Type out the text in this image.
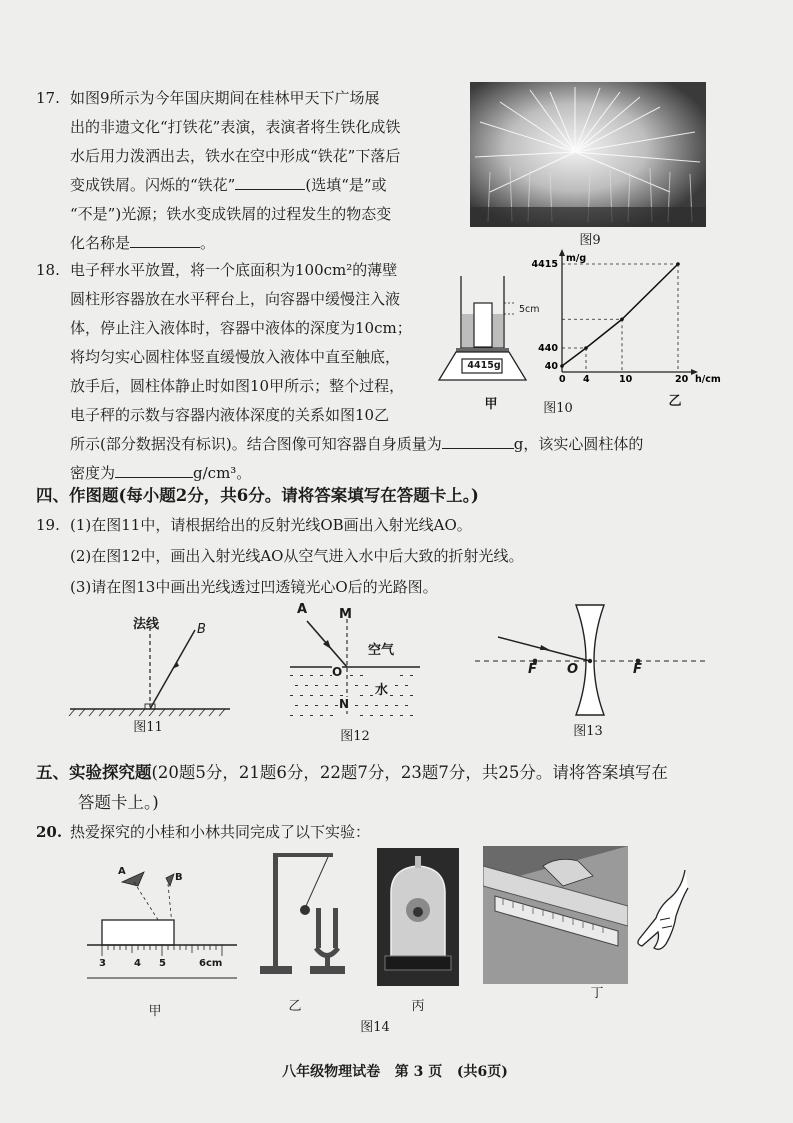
17. 如图9所示为今年国庆期间在桂林甲天下广场展
出的非遗文化“打铁花”表演，表演者将生铁化成铁
水后用力泼洒出去，铁水在空中形成“铁花”下落后
变成铁屑。闪烁的“铁花”	(选填“是”或
“不是”)光源；铁水变成铁屑的过程发生的物态变
化名称是	。	图9
18. 电子秤水平放置，将一个底面积为100cm²的薄壁
圆柱形容器放在水平秤台上，向容器中缓慢注入液
体，停止注入液体时，容器中液体的深度为10cm；
将均匀实心圆柱体竖直缓慢放入液体中直至触底，
放手后，圆柱体静止时如图10甲所示；整个过程，
电子秤的示数与容器内液体深度的关系如图10乙
所示(部分数据没有标识)。结合图像可知容器自身质量为	g，该实心圆柱体的
密度为	g/cm³。
5cm
4415g
甲	图10	乙
0 4	10	20
40
440
4415
m/g
h/cm
四、作图题(每小题2分，共6分。请将答案填写在答题卡上。)
19. (1)在图11中，请根据给出的反射光线OB画出入射光线AO。
(2)在图12中，画出入射光线AO从空气进入水中后大致的折射光线。
(3)请在图13中画出光线透过凹透镜光心O后的光路图。
法线	B
图11
A M
空气
O
水
N
图12
F O	F
图13
五、实验探究题(20题5分，21题6分，22题7分，23题7分，共25分。请将答案填写在
答题卡上。)
20. 热爱探究的小桂和小林共同完成了以下实验：
A
B
3	4 5	6cm
甲	乙	丙
丁
图14
八年级物理试卷   第 3 页   (共6页)
